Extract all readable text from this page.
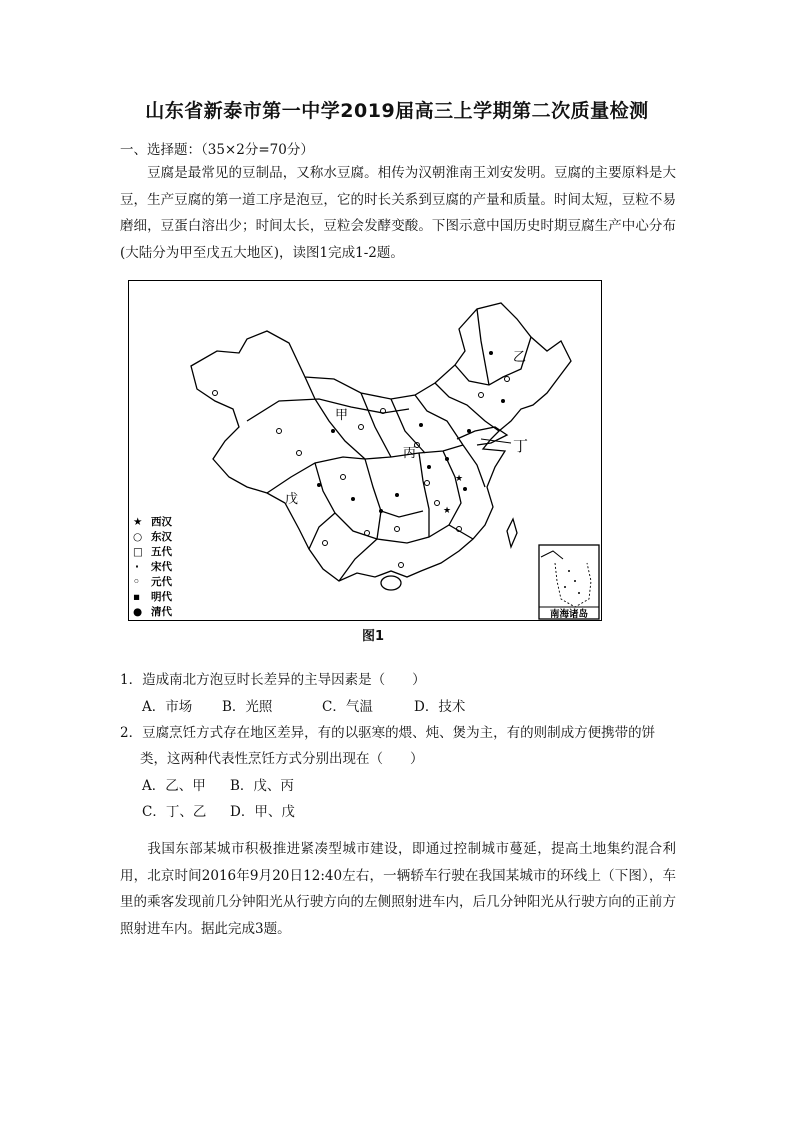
山东省新泰市第一中学2019届高三上学期第二次质量检测
一、选择题：（35×2分=70分）
豆腐是最常见的豆制品，又称水豆腐。相传为汉朝淮南王刘安发明。豆腐的主要原料是大豆，生产豆腐的第一道工序是泡豆，它的时长关系到豆腐的产量和质量。时间太短，豆粒不易磨细，豆蛋白溶出少；时间太长，豆粒会发酵变酸。下图示意中国历史时期豆腐生产中心分布(大陆分为甲至戊五大地区)，读图1完成1-2题。
★
★
甲
乙
丙	丁
戊
★ 西汉
○ 东汉
□ 五代
· 宋代
◦ 元代
▪ 明代
● 清代	南海诸岛
图1
1．造成南北方泡豆时长差异的主导因素是（　　）
A．市场 B．光照	C．气温	D．技术
2．豆腐烹饪方式存在地区差异，有的以驱寒的煨、炖、煲为主，有的则制成方便携带的饼类，这两种代表性烹饪方式分别出现在（　　）
A．乙、甲 B．戊、丙
C．丁、乙 D．甲、戊
我国东部某城市积极推进紧凑型城市建设，即通过控制城市蔓延，提高土地集约混合利用，北京时间2016年9月20日12:40左右，一辆轿车行驶在我国某城市的环线上（下图），车里的乘客发现前几分钟阳光从行驶方向的左侧照射进车内，后几分钟阳光从行驶方向的正前方照射进车内。据此完成3题。
